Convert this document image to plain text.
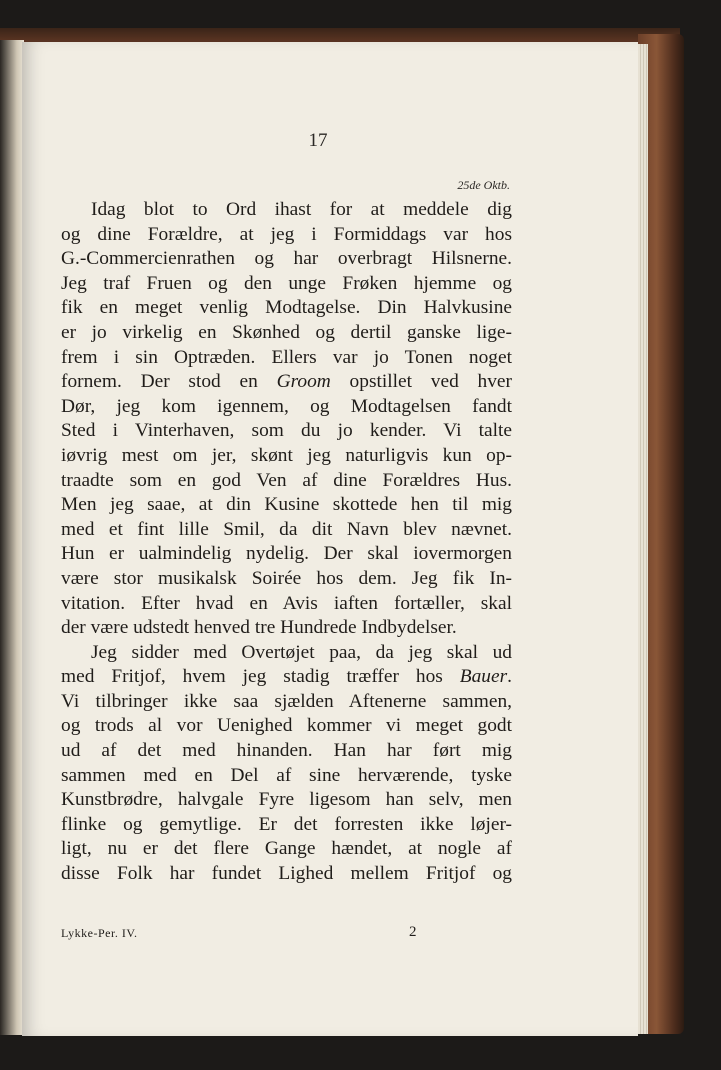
17
25de Oktb.
Idag blot to Ord ihast for at meddele dig
og dine Forældre, at jeg i Formiddags var hos
G.-Commercienrathen og har overbragt Hilsnerne.
Jeg traf Fruen og den unge Frøken hjemme og
fik en meget venlig Modtagelse. Din Halvkusine
er jo virkelig en Skønhed og dertil ganske lige-
frem i sin Optræden. Ellers var jo Tonen noget
fornem. Der stod en Groom opstillet ved hver
Dør, jeg kom igennem, og Modtagelsen fandt
Sted i Vinterhaven, som du jo kender. Vi talte
iøvrig mest om jer, skønt jeg naturligvis kun op-
traadte som en god Ven af dine Forældres Hus.
Men jeg saae, at din Kusine skottede hen til mig
med et fint lille Smil, da dit Navn blev nævnet.
Hun er ualmindelig nydelig. Der skal iovermorgen
være stor musikalsk Soirée hos dem. Jeg fik In-
vitation. Efter hvad en Avis iaften fortæller, skal
der være udstedt henved tre Hundrede Indbydelser.
Jeg sidder med Overtøjet paa, da jeg skal ud
med Fritjof, hvem jeg stadig træffer hos Bauer.
Vi tilbringer ikke saa sjælden Aftenerne sammen,
og trods al vor Uenighed kommer vi meget godt
ud af det med hinanden. Han har ført mig
sammen med en Del af sine herværende, tyske
Kunstbrødre, halvgale Fyre ligesom han selv, men
flinke og gemytlige. Er det forresten ikke løjer-
ligt, nu er det flere Gange hændet, at nogle af
disse Folk har fundet Lighed mellem Fritjof og
Lykke-Per. IV.	2
